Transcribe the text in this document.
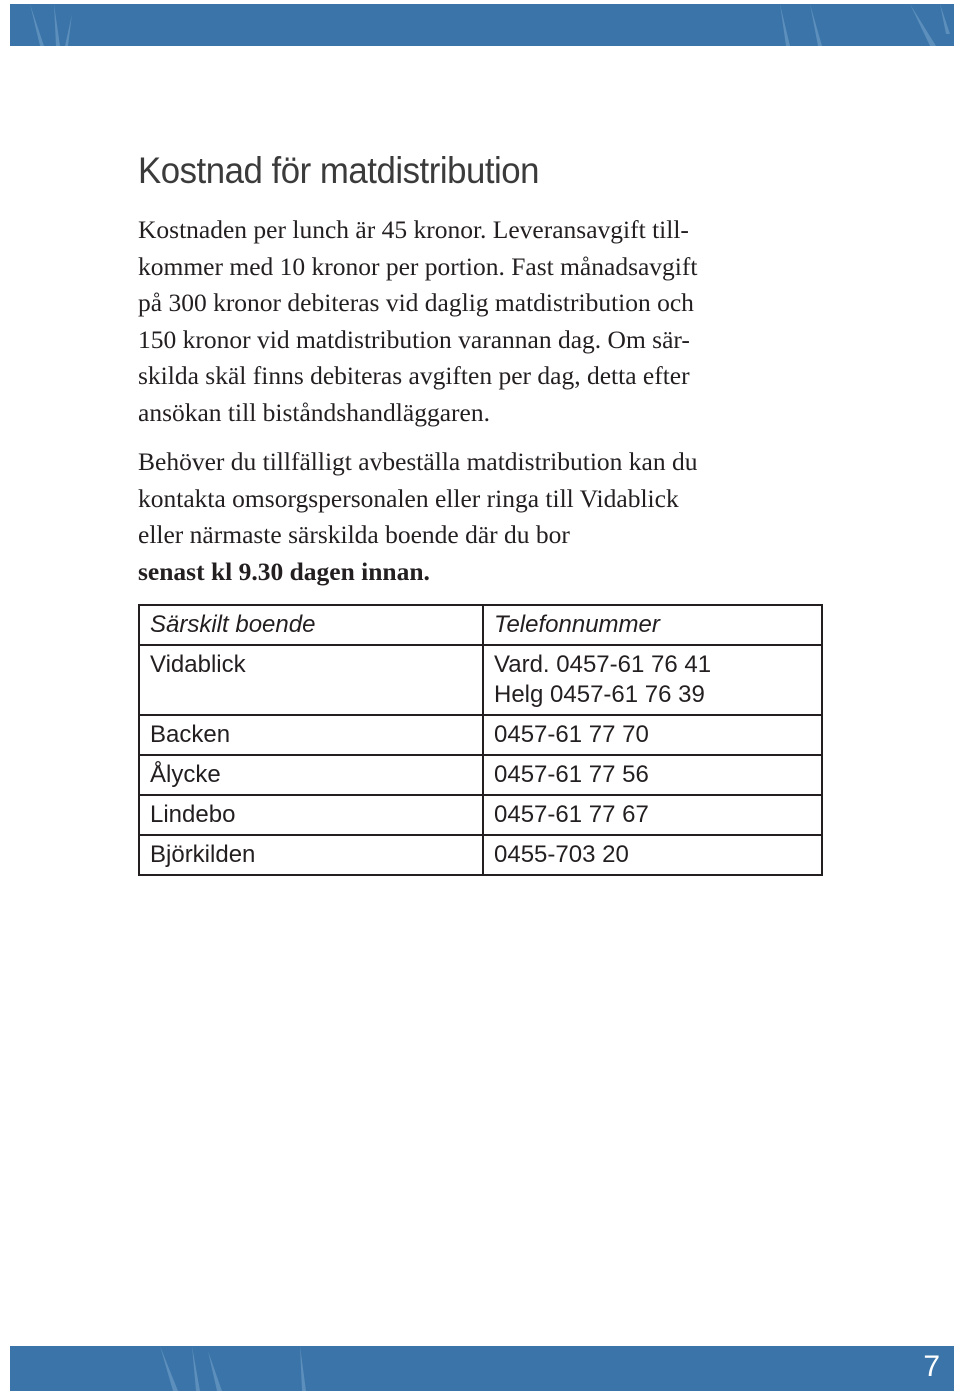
Kostnad för matdistribution

Kostnaden per lunch är 45 kronor. Leveransavgift till-
kommer med 10 kronor per portion. Fast månadsavgift
på 300 kronor debiteras vid daglig matdistribution och
150 kronor vid matdistribution varannan dag. Om sär-
skilda skäl finns debiteras avgiften per dag, detta efter
ansökan till biståndshandläggaren.

Behöver du tillfälligt avbeställa matdistribution kan du
kontakta omsorgspersonalen eller ringa till Vidablick
eller närmaste särskilda boende där du bor
senast kl 9.30 dagen innan.

Särskilt boende	Telefonnummer
Vidablick	Vard. 0457-61 76 41
Helg 0457-61 76 39

Backen	0457-61 77 70
Ålycke	0457-61 77 56
Lindebo	0457-61 77 67
Björkilden	0455-703 20
7
